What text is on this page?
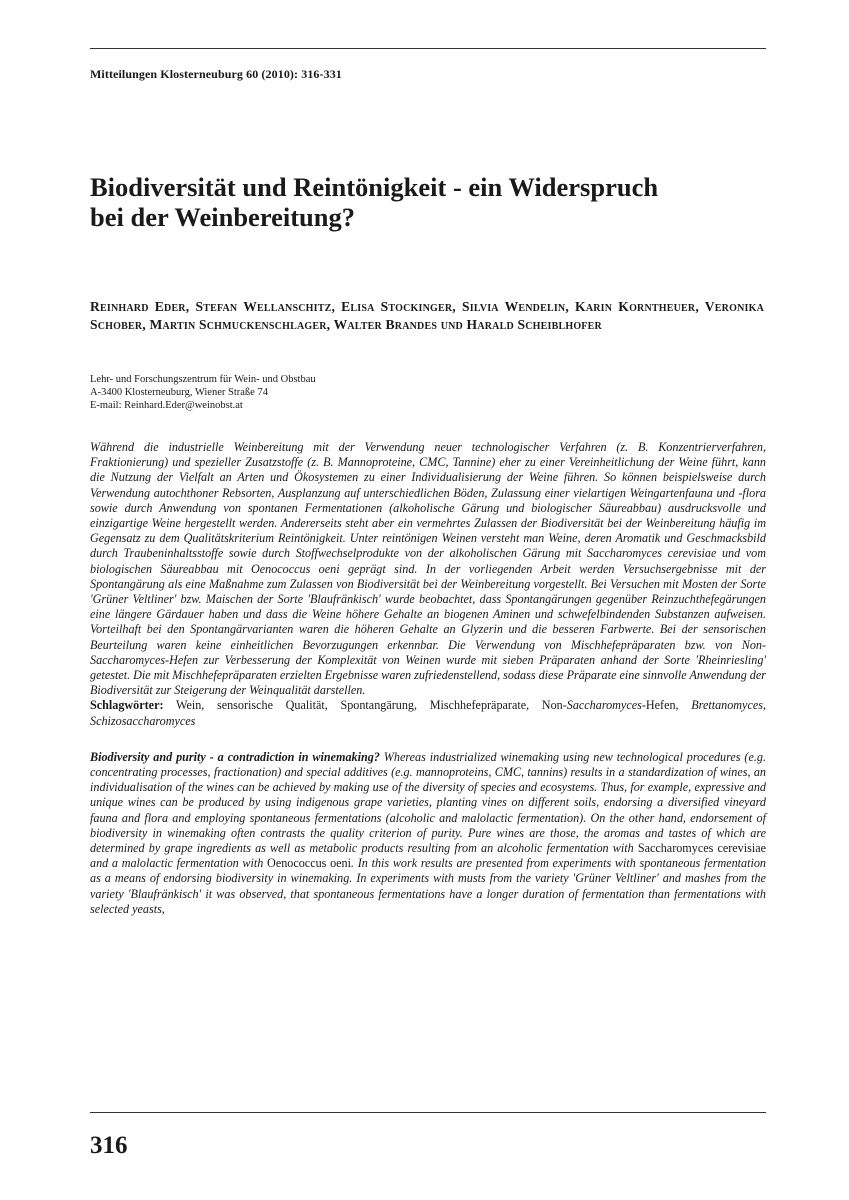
Mitteilungen Klosterneuburg 60 (2010): 316-331
Biodiversität und Reintönigkeit - ein Widerspruch
bei der Weinbereitung?
Reinhard Eder, Stefan Wellanschitz, Elisa Stockinger, Silvia Wendelin, Karin Kornthеuer, Veronika Schober, Martin Schmuckenschlager, Walter Brandes und Harald Scheiblhofer
Lehr- und Forschungszentrum für Wein- und Obstbau
A-3400 Klosterneuburg, Wiener Straße 74
E-mail: Reinhard.Eder@weinobst.at

Während die industrielle Weinbereitung mit der Verwendung neuer technologischer Verfahren (z. B. Konzentrierverfahren, Fraktionierung) und spezieller Zusatzstoffe (z. B. Mannoproteine, CMC, Tannine) eher zu einer Vereinheitlichung der Weine führt, kann die Nutzung der Vielfalt an Arten und Ökosystemen zu einer Individualisierung der Weine führen. So können beispielsweise durch Verwendung autochthoner Rebsorten, Ausplanzung auf unterschiedlichen Böden, Zulassung einer vielartigen Weingartenfauna und -flora sowie durch Anwendung von spontanen Fermentationen (alkoholische Gärung und biologischer Säureabbau) ausdrucksvolle und einzigartige Weine hergestellt werden. Andererseits steht aber ein vermehrtes Zulassen der Biodiversität bei der Weinbereitung häufig im Gegensatz zu dem Qualitätskriterium Reintönigkeit. Unter reintönigen Weinen versteht man Weine, deren Aromatik und Geschmacksbild durch Traubeninhaltsstoffe sowie durch Stoffwechselprodukte von der alkoholischen Gärung mit Saccharomyces cerevisiae und vom biologischen Säureabbau mit Oenococcus oeni geprägt sind. In der vorliegenden Arbeit werden Versuchsergebnisse mit der Spontangärung als eine Maßnahme zum Zulassen von Biodiversität bei der Weinbereitung vorgestellt. Bei Versuchen mit Mosten der Sorte 'Grüner Veltliner' bzw. Maischen der Sorte 'Blaufränkisch' wurde beobachtet, dass Spontangärungen gegenüber Reinzuchthefegärungen eine längere Gärdauer haben und dass die Weine höhere Gehalte an biogenen Aminen und schwefelbindenden Substanzen aufweisen. Vorteilhaft bei den Spontangärvarianten waren die höheren Gehalte an Glyzerin und die besseren Farbwerte. Bei der sensorischen Beurteilung waren keine einheitlichen Bevorzugungen erkennbar. Die Verwendung von Mischhefepräparaten bzw. von Non-Saccharomyces-Hefen zur Verbesserung der Komplexität von Weinen wurde mit sieben Präparaten anhand der Sorte 'Rheinriesling' getestet. Die mit Mischhefepräparaten erzielten Ergebnisse waren zufriedenstellend, sodass diese Präparate eine sinnvolle Anwendung der Biodiversität zur Steigerung der Weinqualität darstellen.

Schlagwörter: Wein, sensorische Qualität, Spontangärung, Mischhefepräparate, Non-Saccharomyces-Hefen, Brettanomyces, Schizosaccharomyces

Biodiversity and purity - a contradiction in winemaking? Whereas industrialized winemaking using new technological procedures (e.g. concentrating processes, fractionation) and special additives (e.g. mannoproteins, CMC, tannins) results in a standardization of wines, an individualisation of the wines can be achieved by making use of the diversity of species and ecosystems. Thus, for example, expressive and unique wines can be produced by using indigenous grape varieties, planting vines on different soils, endorsing a diversified vineyard fauna and flora and employing spontaneous fermentations (alcoholic and malolactic fermentation). On the other hand, endorsement of biodiversity in winemaking often contrasts the quality criterion of purity. Pure wines are those, the aromas and tastes of which are determined by grape ingredients as well as metabolic products resulting from an alcoholic fermentation with Saccharomyces cerevisiae and a malolactic fermentation with Oenococcus oeni. In this work results are presented from experiments with spontaneous fermentation as a means of endorsing biodiversity in winemaking. In experiments with musts from the variety 'Grüner Veltliner' and mashes from the variety 'Blaufränkisch' it was observed, that spontaneous fermentations have a longer duration of fermentation than fermentations with selected yeasts,

316
